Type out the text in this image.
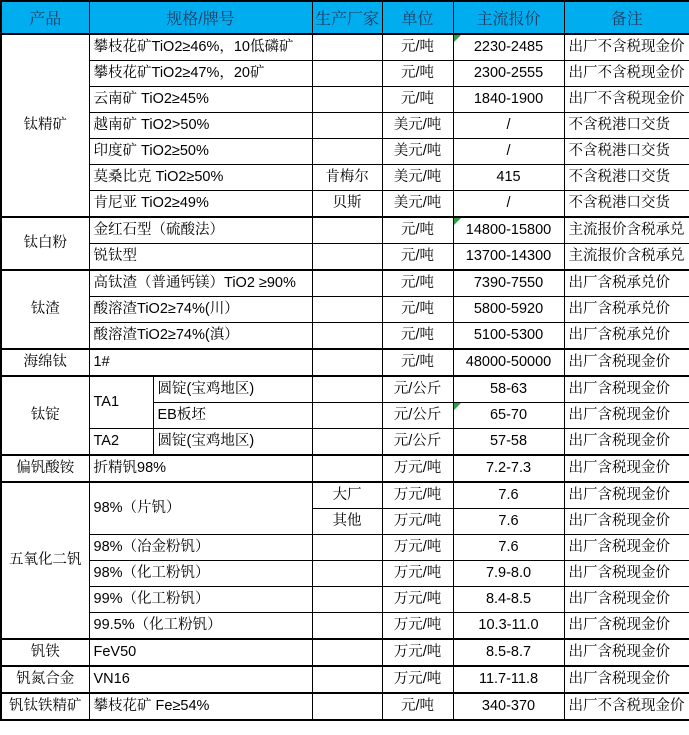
产品	规格/牌号		生产厂家	单位	主流报价	备注
钛精矿	攀枝花矿TiO2≥46%，10低磷矿			元/吨	2230-2485	出厂不含税现金价
	攀枝花矿TiO2≥47%，20矿			元/吨	2300-2555	出厂不含税现金价
	云南矿 TiO2≥45%			元/吨	1840-1900	出厂不含税现金价
	越南矿 TiO2>50%			美元/吨	/	不含税港口交货
	印度矿 TiO2≥50%			美元/吨	/	不含税港口交货
	莫桑比克 TiO2≥50%		肯梅尔	美元/吨	415	不含税港口交货
	肯尼亚 TiO2≥49%		贝斯	美元/吨	/	不含税港口交货
钛白粉	金红石型（硫酸法）			元/吨	14800-15800	主流报价含税承兑
	锐钛型			元/吨	13700-14300	主流报价含税承兑
钛渣	高钛渣（普通钙镁）TiO2 ≥90%			元/吨	7390-7550	出厂含税承兑价
	酸溶渣TiO2≥74%(川）			元/吨	5800-5920	出厂含税承兑价
	酸溶渣TiO2≥74%(滇）			元/吨	5100-5300	出厂含税承兑价
海绵钛	1#			元/吨	48000-50000	出厂含税现金价
钛锭	TA1	圆锭(宝鸡地区)		元/公斤	58-63	出厂含税现金价
		EB板坯		元/公斤	65-70	出厂含税现金价
	TA2	圆锭(宝鸡地区)		元/公斤	57-58	出厂含税现金价
偏钒酸铵	折精钒98%			万元/吨	7.2-7.3	出厂含税现金价
五氧化二钒	98%（片钒）		大厂	万元/吨	7.6	出厂含税现金价
			其他	万元/吨	7.6	出厂含税现金价
	98%（冶金粉钒）			万元/吨	7.6	出厂含税现金价
	98%（化工粉钒）			万元/吨	7.9-8.0	出厂含税现金价
	99%（化工粉钒）			万元/吨	8.4-8.5	出厂含税现金价
	99.5%（化工粉钒）			万元/吨	10.3-11.0	出厂含税现金价
钒铁	FeV50			万元/吨	8.5-8.7	出厂含税现金价
钒氮合金	VN16			万元/吨	11.7-11.8	出厂含税现金价
钒钛铁精矿	攀枝花矿 Fe≥54%			元/吨	340-370	出厂不含税现金价
